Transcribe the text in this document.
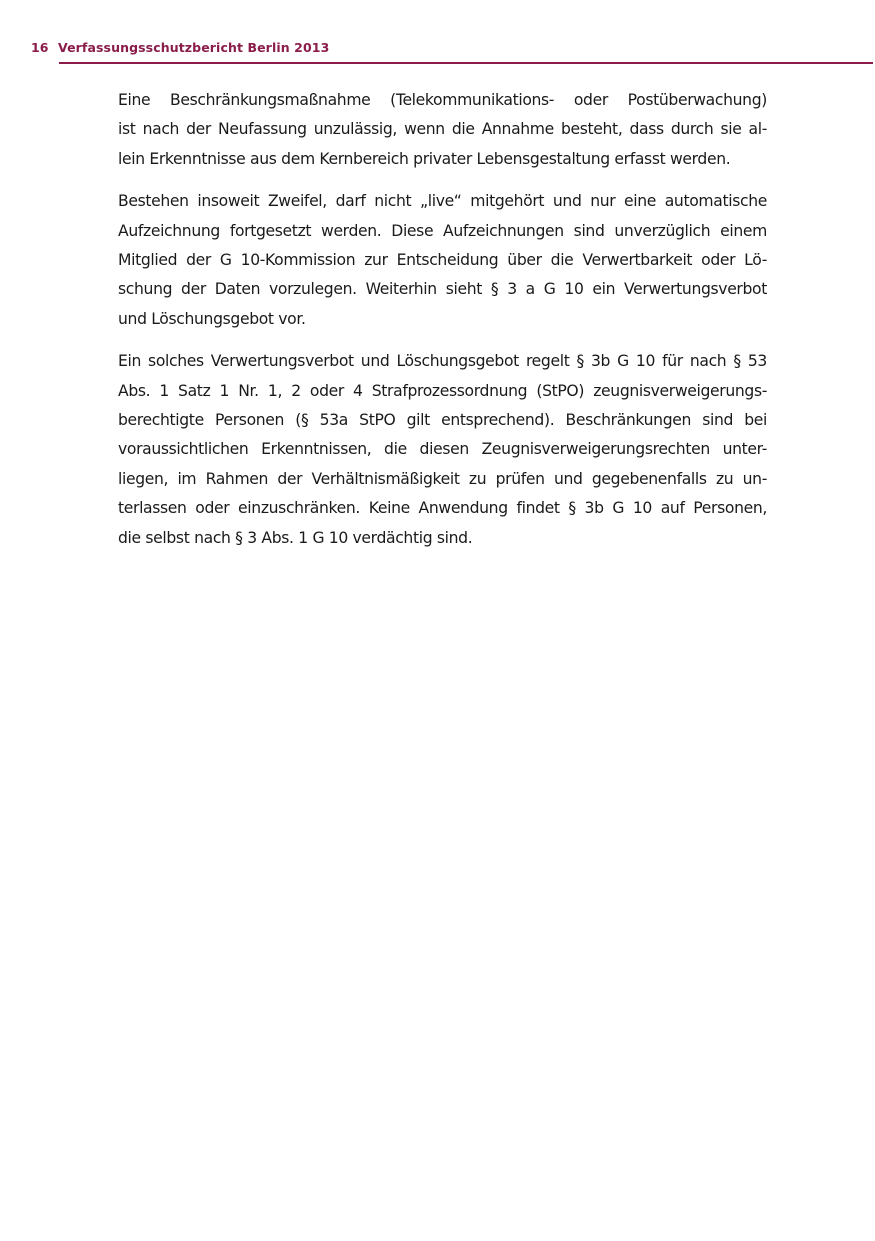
16 Verfassungsschutzbericht Berlin 2013

Eine Beschränkungsmaßnahme (Telekommunikations- oder Postüberwachung)
ist nach der Neufassung unzulässig, wenn die Annahme besteht, dass durch sie al-
lein Erkenntnisse aus dem Kernbereich privater Lebensgestaltung erfasst werden.

Bestehen insoweit Zweifel, darf nicht „live“ mitgehört und nur eine automatische
Aufzeichnung fortgesetzt werden. Diese Aufzeichnungen sind unverzüglich einem
Mitglied der G 10-Kommission zur Entscheidung über die Verwertbarkeit oder Lö-
schung der Daten vorzulegen. Weiterhin sieht § 3 a G 10 ein Verwertungsverbot
und Löschungsgebot vor.

Ein solches Verwertungsverbot und Löschungsgebot regelt § 3b G 10 für nach § 53
Abs. 1 Satz 1 Nr. 1, 2 oder 4 Strafprozessordnung (StPO) zeugnisverweigerungs-
berechtigte Personen (§ 53a StPO gilt entsprechend). Beschränkungen sind bei
voraussichtlichen Erkenntnissen, die diesen Zeugnisverweigerungsrechten unter-
liegen, im Rahmen der Verhältnismäßigkeit zu prüfen und gegebenenfalls zu un-
terlassen oder einzuschränken. Keine Anwendung findet § 3b G 10 auf Personen,
die selbst nach § 3 Abs. 1 G 10 verdächtig sind.
